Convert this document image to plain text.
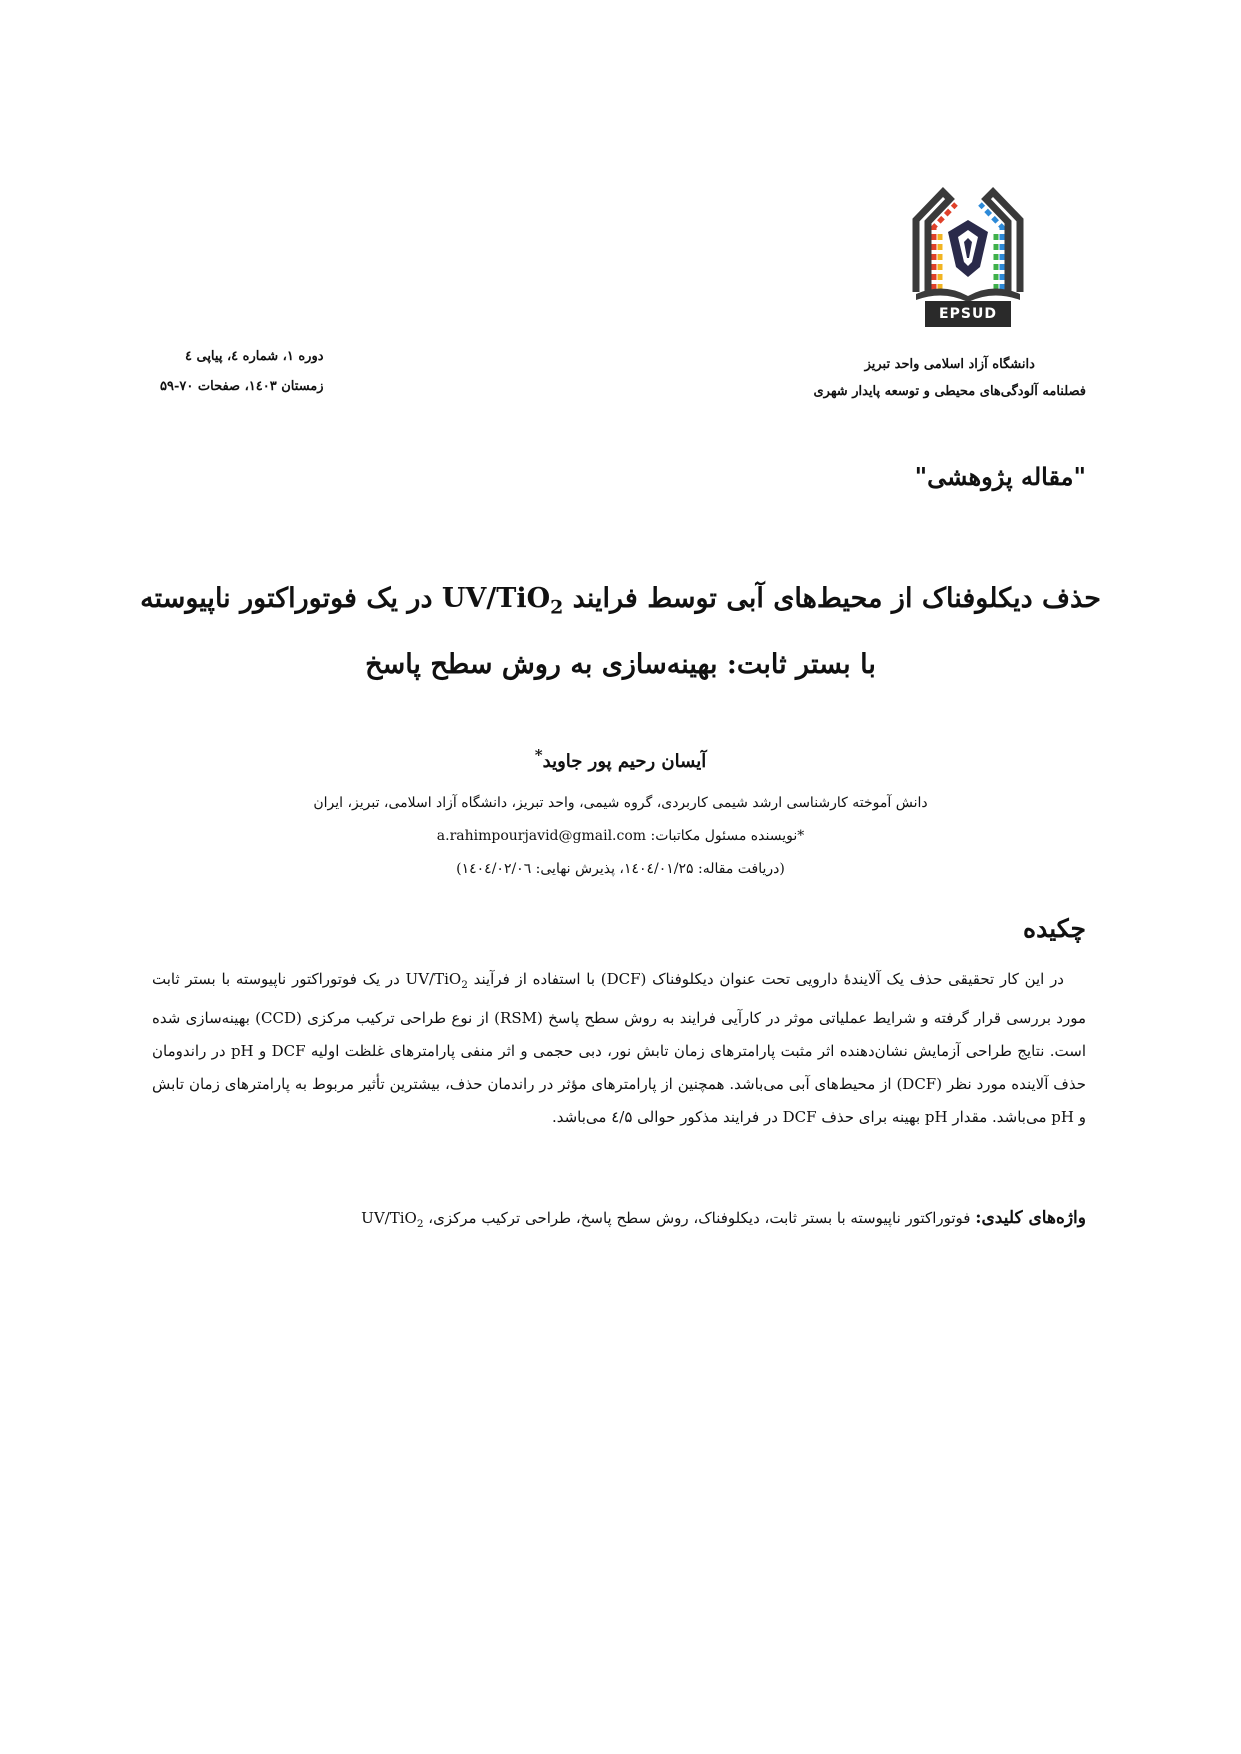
EPSUD
دانشگاه آزاد اسلامی واحد تبریز
فصلنامه آلودگی‌های محیطی و توسعه پایدار شهری
دوره ۱، شماره ٤، پیاپی ٤
زمستان ۱٤۰۳، صفحات ۷۰-۵۹
"مقاله پژوهشی"
حذف دیکلوفناک از محیط‌های آبی توسط فرایند UV/TiO$_2$ در یک فوتوراکتور ناپیوسته
با بستر ثابت: بهینه‌سازی به روش سطح پاسخ
آیسان رحیم پور جاوید*
دانش آموخته کارشناسی ارشد شیمی کاربردی، گروه شیمی، واحد تبریز، دانشگاه آزاد اسلامی، تبریز، ایران
*نویسنده مسئول مکاتبات: a.rahimpourjavid@gmail.com
(دریافت مقاله: ۱٤۰٤/۰۱/۲۵، پذیرش نهایی: ۱٤۰٤/۰۲/۰٦)
چکیده

در این کار تحقیقی حذف یک آلایندهٔ دارویی تحت عنوان دیکلوفناک (DCF) با استفاده از فرآیند UV/TiO$_2$ در یک فوتوراکتور ناپیوسته با بستر ثابت مورد بررسی قرار گرفته و شرایط عملیاتی موثر در کارآیی فرایند به روش سطح پاسخ (RSM) از نوع طراحی ترکیب مرکزی (CCD) بهینه‌سازی شده است. نتایج طراحی آزمایش نشان‌دهنده اثر مثبت پارامترهای زمان تابش نور، دبی حجمی و اثر منفی پارامترهای غلظت اولیه DCF و pH در راندومان حذف آلاینده مورد نظر (DCF) از محیط‌های آبی می‌باشد. همچنین از پارامترهای مؤثر در راندمان حذف، بیشترین تأثیر مربوط به پارامترهای زمان تابش و pH می‌باشد. مقدار pH بهینه برای حذف DCF در فرایند مذکور حوالی ٤/۵ می‌باشد.

واژه‌های کلیدی: فوتوراکتور ناپیوسته با بستر ثابت، دیکلوفناک، روش سطح پاسخ، طراحی ترکیب مرکزی، UV/TiO$_2$
